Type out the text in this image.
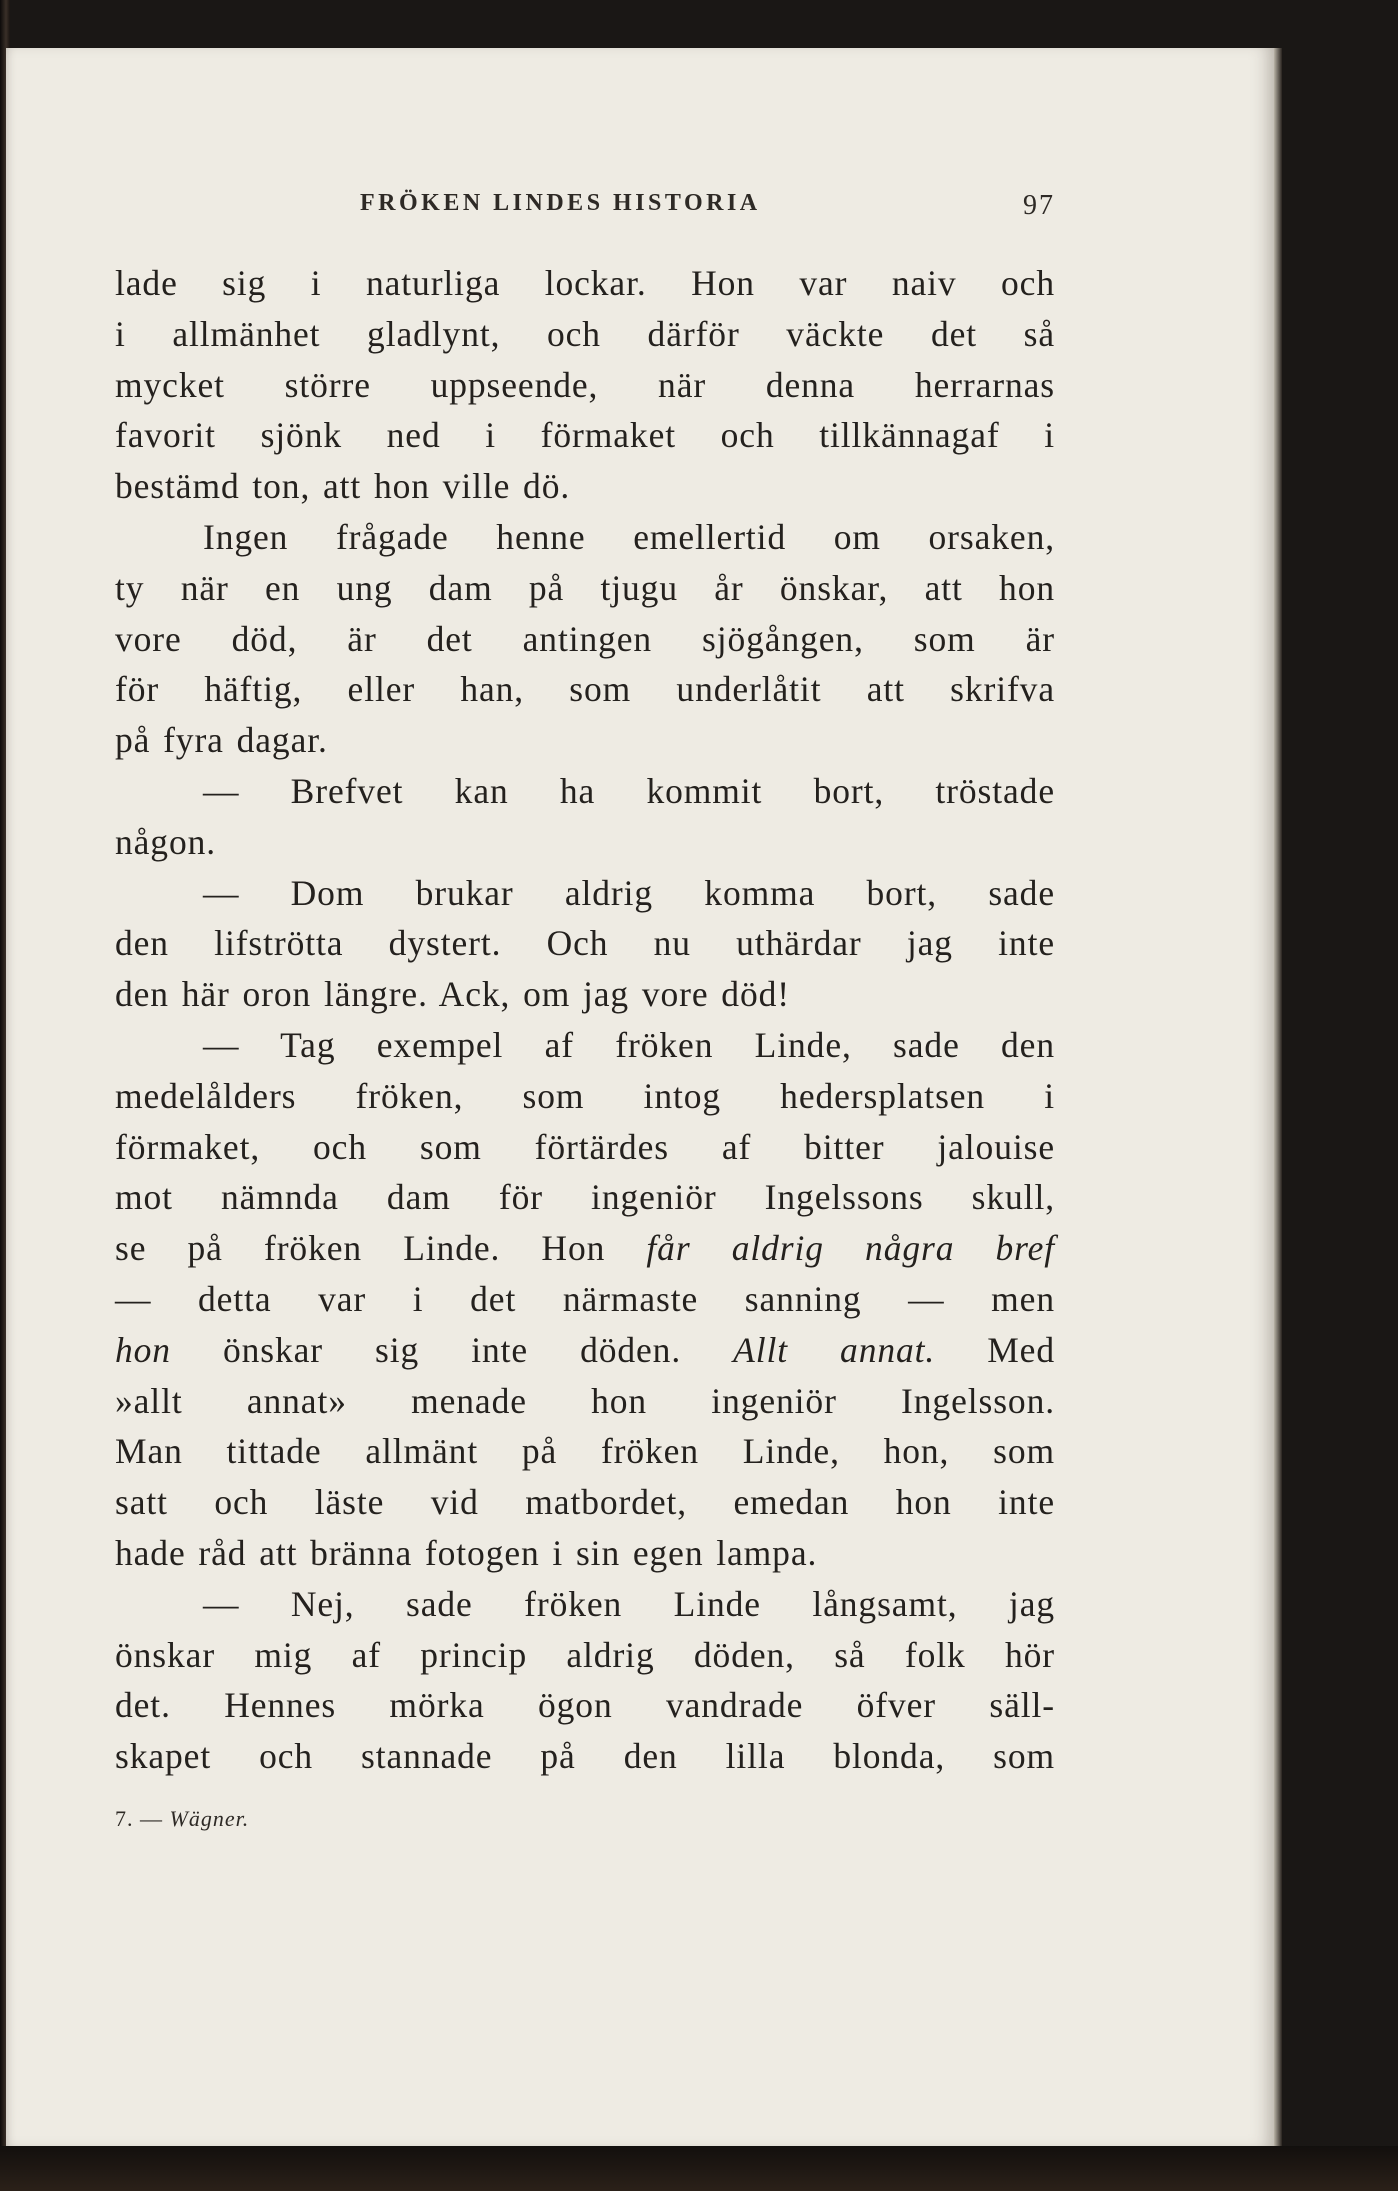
FRÖKEN LINDES HISTORIA	97
lade sig i naturliga lockar. Hon var naiv och
i allmänhet gladlynt, och därför väckte det så
mycket större uppseende, när denna herrarnas
favorit sjönk ned i förmaket och tillkännagaf i
bestämd ton, att hon ville dö.
Ingen frågade henne emellertid om orsaken,
ty när en ung dam på tjugu år önskar, att hon
vore död, är det antingen sjögången, som är
för häftig, eller han, som underlåtit att skrifva
på fyra dagar.
— Brefvet kan ha kommit bort, tröstade
någon.
— Dom brukar aldrig komma bort, sade
den lifströtta dystert. Och nu uthärdar jag inte
den här oron längre. Ack, om jag vore död!
— Tag exempel af fröken Linde, sade den
medelålders fröken, som intog hedersplatsen i
förmaket, och som förtärdes af bitter jalouise
mot nämnda dam för ingeniör Ingelssons skull,
se på fröken Linde. Hon får aldrig några bref
— detta var i det närmaste sanning — men
hon önskar sig inte döden. Allt annat. Med
»allt annat» menade hon ingeniör Ingelsson.
Man tittade allmänt på fröken Linde, hon, som
satt och läste vid matbordet, emedan hon inte
hade råd att bränna fotogen i sin egen lampa.
— Nej, sade fröken Linde långsamt, jag
önskar mig af princip aldrig döden, så folk hör
det. Hennes mörka ögon vandrade öfver säll-
skapet och stannade på den lilla blonda, som
7. — Wägner.
